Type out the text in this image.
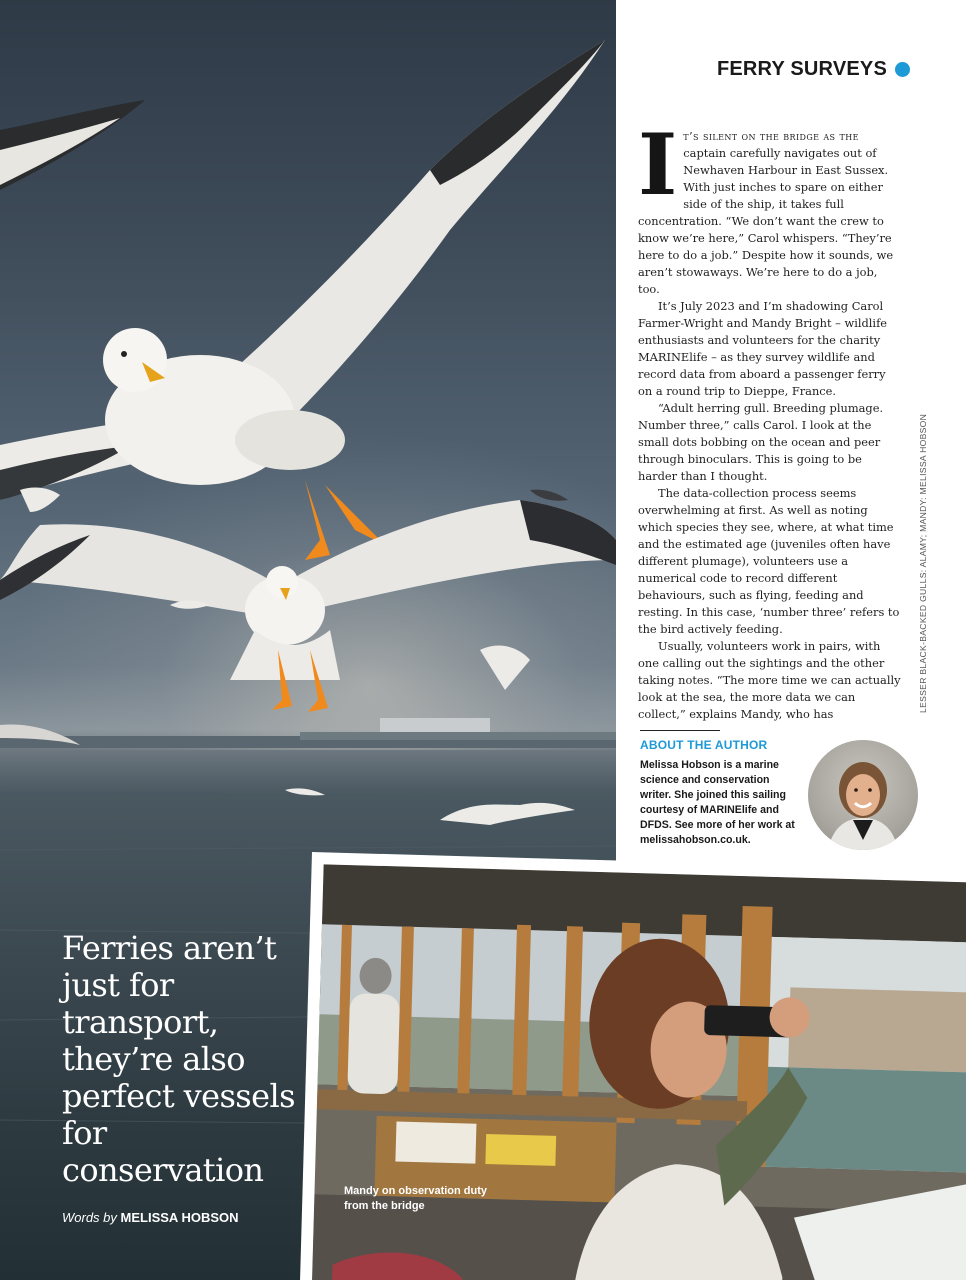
FERRY SURVEYS
LESSER BLACK-BACKED GULLS: ALAMY; MANDY: MELISSA HOBSON

It’s silent on the bridge as the captain carefully navigates out of Newhaven Harbour in East Sussex. With just inches to spare on either side of the ship, it takes full concentration. “We don’t want the crew to know we’re here,” Carol whispers. “They’re here to do a job.” Despite how it sounds, we aren’t stowaways. We’re here to do a job, too.

It’s July 2023 and I’m shadowing Carol Farmer-Wright and Mandy Bright – wildlife enthusiasts and volunteers for the charity MARINElife – as they survey wildlife and record data from aboard a passenger ferry on a round trip to Dieppe, France.

“Adult herring gull. Breeding plumage. Number three,” calls Carol. I look at the small dots bobbing on the ocean and peer through binoculars. This is going to be harder than I thought.

The data-collection process seems overwhelming at first. As well as noting which species they see, where, at what time and the estimated age (juveniles often have different plumage), volunteers use a numerical code to record different behaviours, such as flying, feeding and resting. In this case, ‘number three’ refers to the bird actively feeding.

Usually, volunteers work in pairs, with one calling out the sightings and the other taking notes. “The more time we can actually look at the sea, the more data we can collect,” explains Mandy, who has

ABOUT THE AUTHOR
Melissa Hobson is a marine science and conservation writer. She joined this sailing courtesy of MARINElife and DFDS. See more of her work at melissahobson.co.uk.
Ferries aren’t just for transport, they’re also perfect vessels for conservation
Words by MELISSA HOBSON
Mandy on observation duty from the bridge
